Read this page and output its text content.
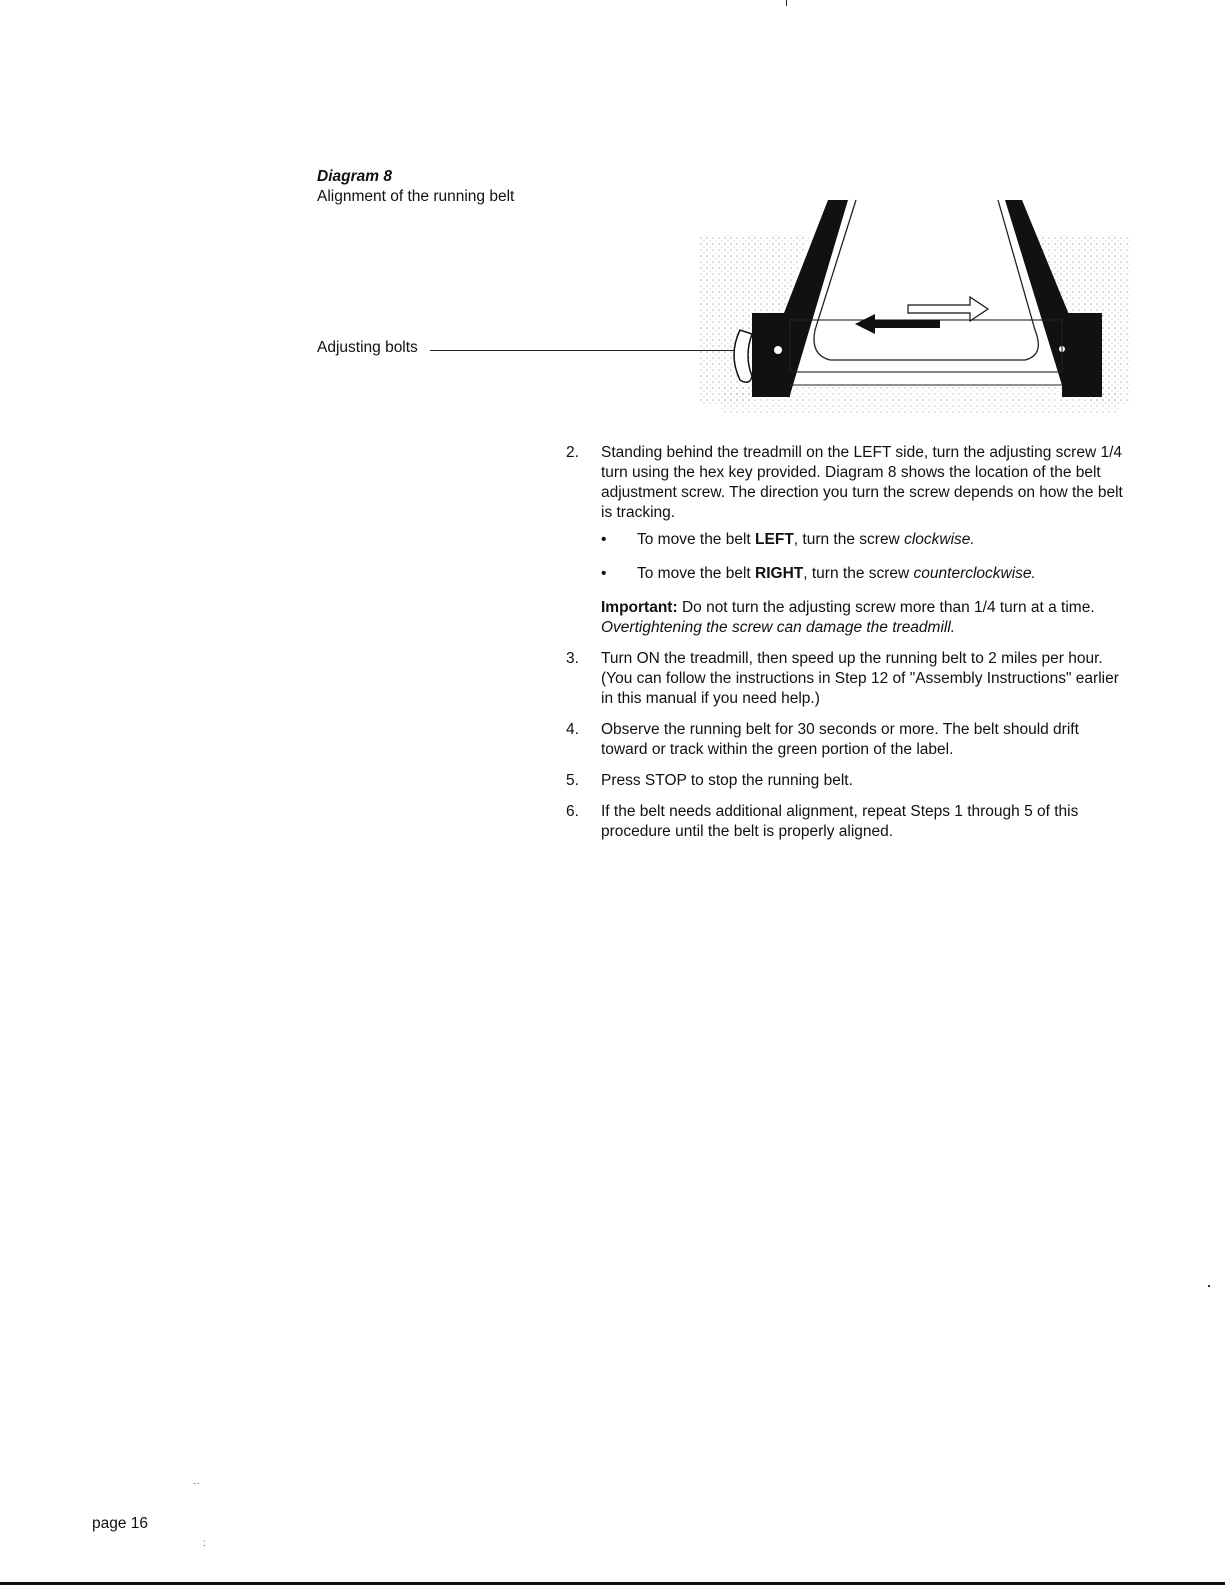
Diagram 8
Alignment of the running belt
Adjusting bolts
2.	Standing behind the treadmill on the LEFT side, turn the adjusting screw 1/4 turn using the hex key provided. Diagram 8 shows the location of the belt adjustment screw. The direction you turn the screw depends on how the belt is tracking.
•	To move the belt LEFT, turn the screw clockwise.
•	To move the belt RIGHT, turn the screw counterclockwise.
Important: Do not turn the adjusting screw more than 1/4 turn at a time.
Overtightening the screw can damage the treadmill.
3.	Turn ON the treadmill, then speed up the running belt to 2 miles per hour. (You can follow the instructions in Step 12 of "Assembly Instructions" earlier in this manual if you need help.)
4.	Observe the running belt for 30 seconds or more. The belt should drift toward or track within the green portion of the label.
5.	Press STOP to stop the running belt.
6.	If the belt needs additional alignment, repeat Steps 1 through 5 of this procedure until the belt is properly aligned.
··
:
page 16
